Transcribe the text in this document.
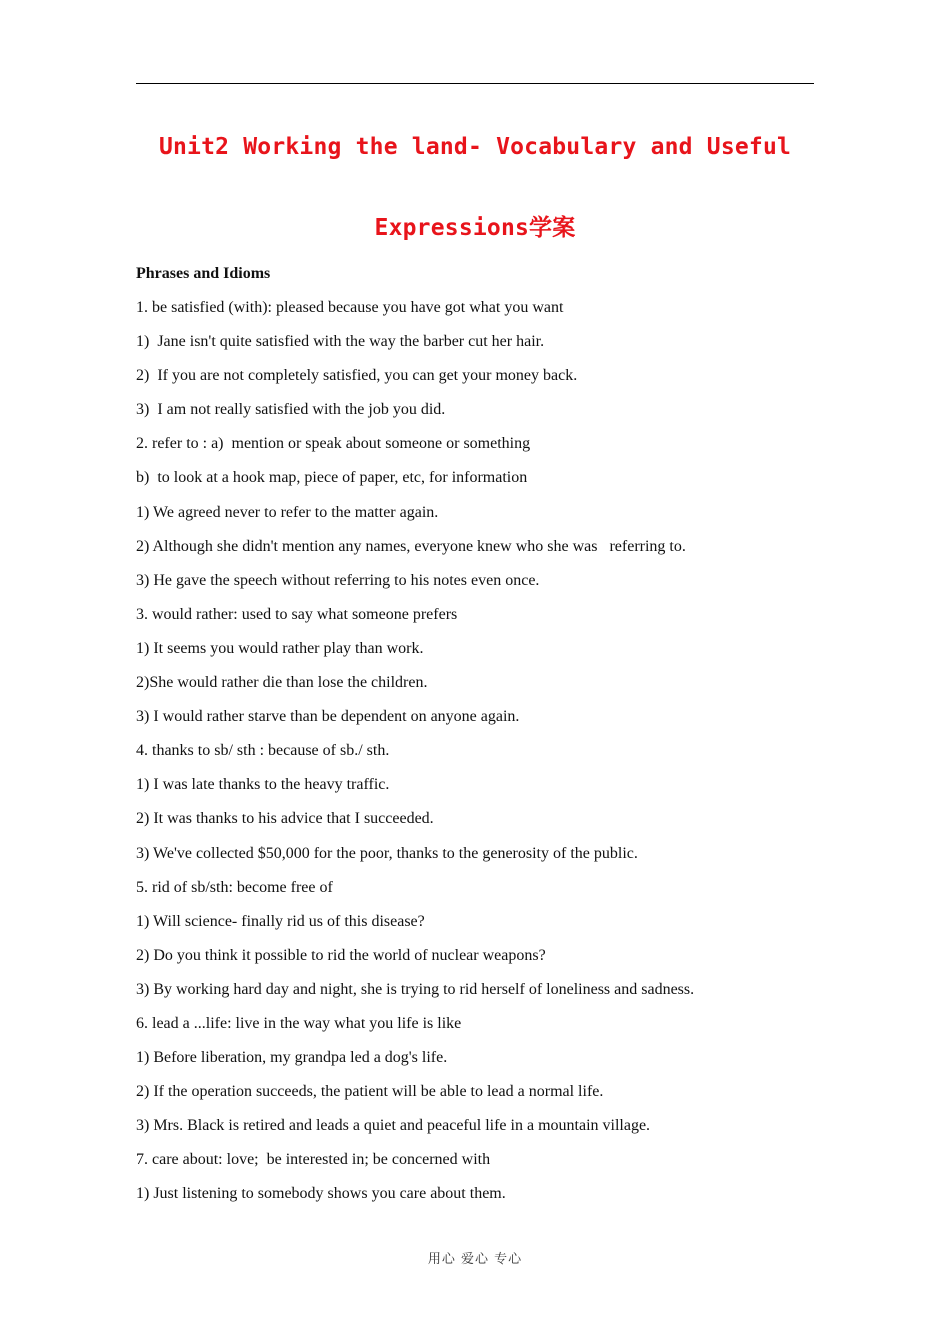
Unit2 Working the land- Vocabulary and Useful
Expressions学案
Phrases and Idioms
1. be satisfied (with): pleased because you have got what you want
1)  Jane isn't quite satisfied with the way the barber cut her hair.
2)  If you are not completely satisfied, you can get your money back.
3)  I am not really satisfied with the job you did.
2. refer to : a)  mention or speak about someone or something
b)  to look at a hook map, piece of paper, etc, for information
1) We agreed never to refer to the matter again.
2) Although she didn't mention any names, everyone knew who she was   referring to.
3) He gave the speech without referring to his notes even once.
3. would rather: used to say what someone prefers
1) It seems you would rather play than work.
2)She would rather die than lose the children.
3) I would rather starve than be dependent on anyone again.
4. thanks to sb/ sth : because of sb./ sth.
1) I was late thanks to the heavy traffic.
2) It was thanks to his advice that I succeeded.
3) We've collected $50,000 for the poor, thanks to the generosity of the public.
5. rid of sb/sth: become free of
1) Will science- finally rid us of this disease?
2) Do you think it possible to rid the world of nuclear weapons?
3) By working hard day and night, she is trying to rid herself of loneliness and sadness.
6. lead a ...life: live in the way what you life is like
1) Before liberation, my grandpa led a dog's life.
2) If the operation succeeds, the patient will be able to lead a normal life.
3) Mrs. Black is retired and leads a quiet and peaceful life in a mountain village.
7. care about: love;  be interested in; be concerned with
1) Just listening to somebody shows you care about them.
用心 爱心 专心
